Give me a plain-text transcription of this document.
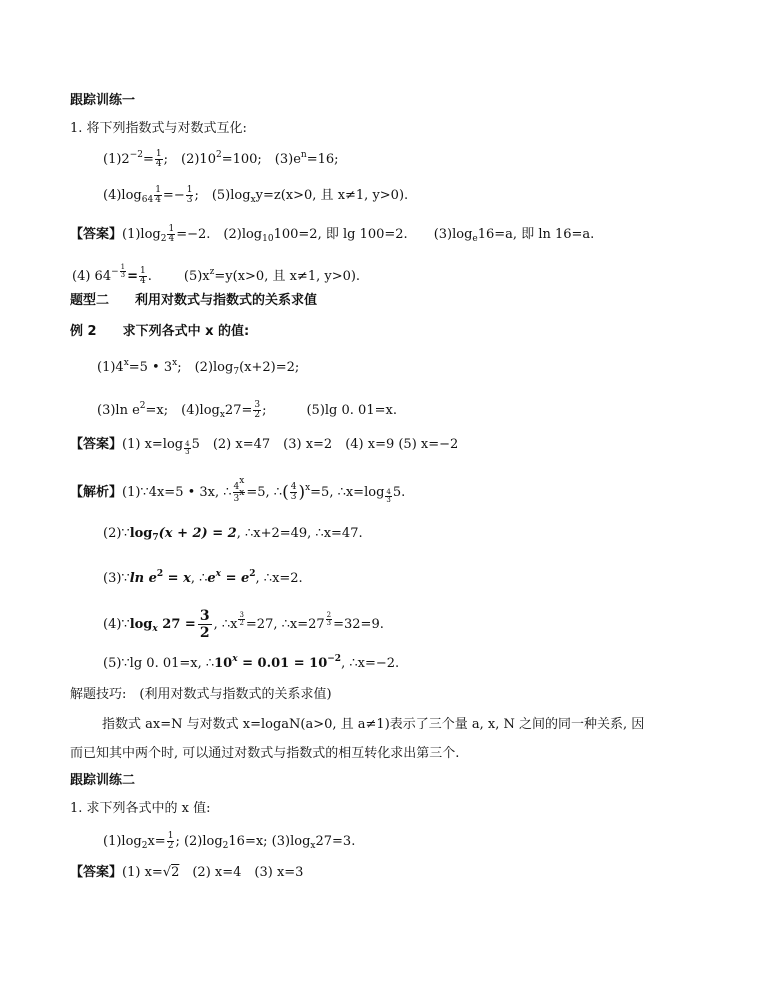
跟踪训练一
1. 将下列指数式与对数式互化:
$(1)2^{-2}= \frac{1}{4}$ ;　$(2)10^2=100$;　$(3)e^n=16$;
$(4)\log_{64} \frac{1}{4} =- \frac{1}{3}$ ;　$(5)\log_xy=z(x>0$, 且 x≠1, y>0).
【答案】$(1)\log_2 \frac{1}{4} =-2$.　$(2)\log_{10}100=2$, 即 lg 100=2.　　$(3)\log_e16=a$, 即 ln 16=a.
(4) $64^{- \frac{1}{3}} = \frac{1}{4}$ . $(5)x^z=y(x>0$, 且 x≠1, y>0).
题型二　　利用对数式与指数式的关系求值
例 2　　求下列各式中 x 的值:
$(1)4^x=5$ • 3$^x$;　$(2)\log_7(x+2)=2$;
(3)ln $e^2=x$;　$(4)\log_x27= \frac{3}{2}$ ;	(5)lg 0. 01=x.
【答案】(1) x=log $_{\frac{4}{3}}$ 5　(2) x=47　(3) x=2　(4) x=9 (5) x=−2
【解析】(1)∵4x=5 • 3x, ∴ $\frac{4^x}{3^x} =5$, ∴( $\frac{4}{3} )^x=5$, ∴x=log $_{\frac{4}{3}}$ 5.
$(2)\because\log_7(x + 2) = 2$, ∴x+2=49, ∴x=47.
(3)∵ln $e^2 = x$, $\therefore e^x = e^2$, ∴x=2.
$(4)\because\log_x$ $27 = \frac{3}{2}$ , ∴x $^{\frac{3}{2}}$ =27, ∴x=27 $^{\frac{2}{3}}$ =32=9.
(5)∵lg 0. 01=x, $\therefore 10^x = 0.01 = 10^{-2}$, ∴x=−2.
解题技巧:　(利用对数式与指数式的关系求值)
指数式 ax=N 与对数式 x=logaN(a>0, 且 a≠1)表示了三个量 a, x, N 之间的同一种关系, 因
而已知其中两个时, 可以通过对数式与指数式的相互转化求出第三个.
跟踪训练二
1. 求下列各式中的 x 值:
$(1)\log_2x= \frac{1}{2}$ ; $(2)\log_216=x$; $(3)\log_x27=3$.
【答案】(1) x=√2　(2) x=4　(3) x=3
